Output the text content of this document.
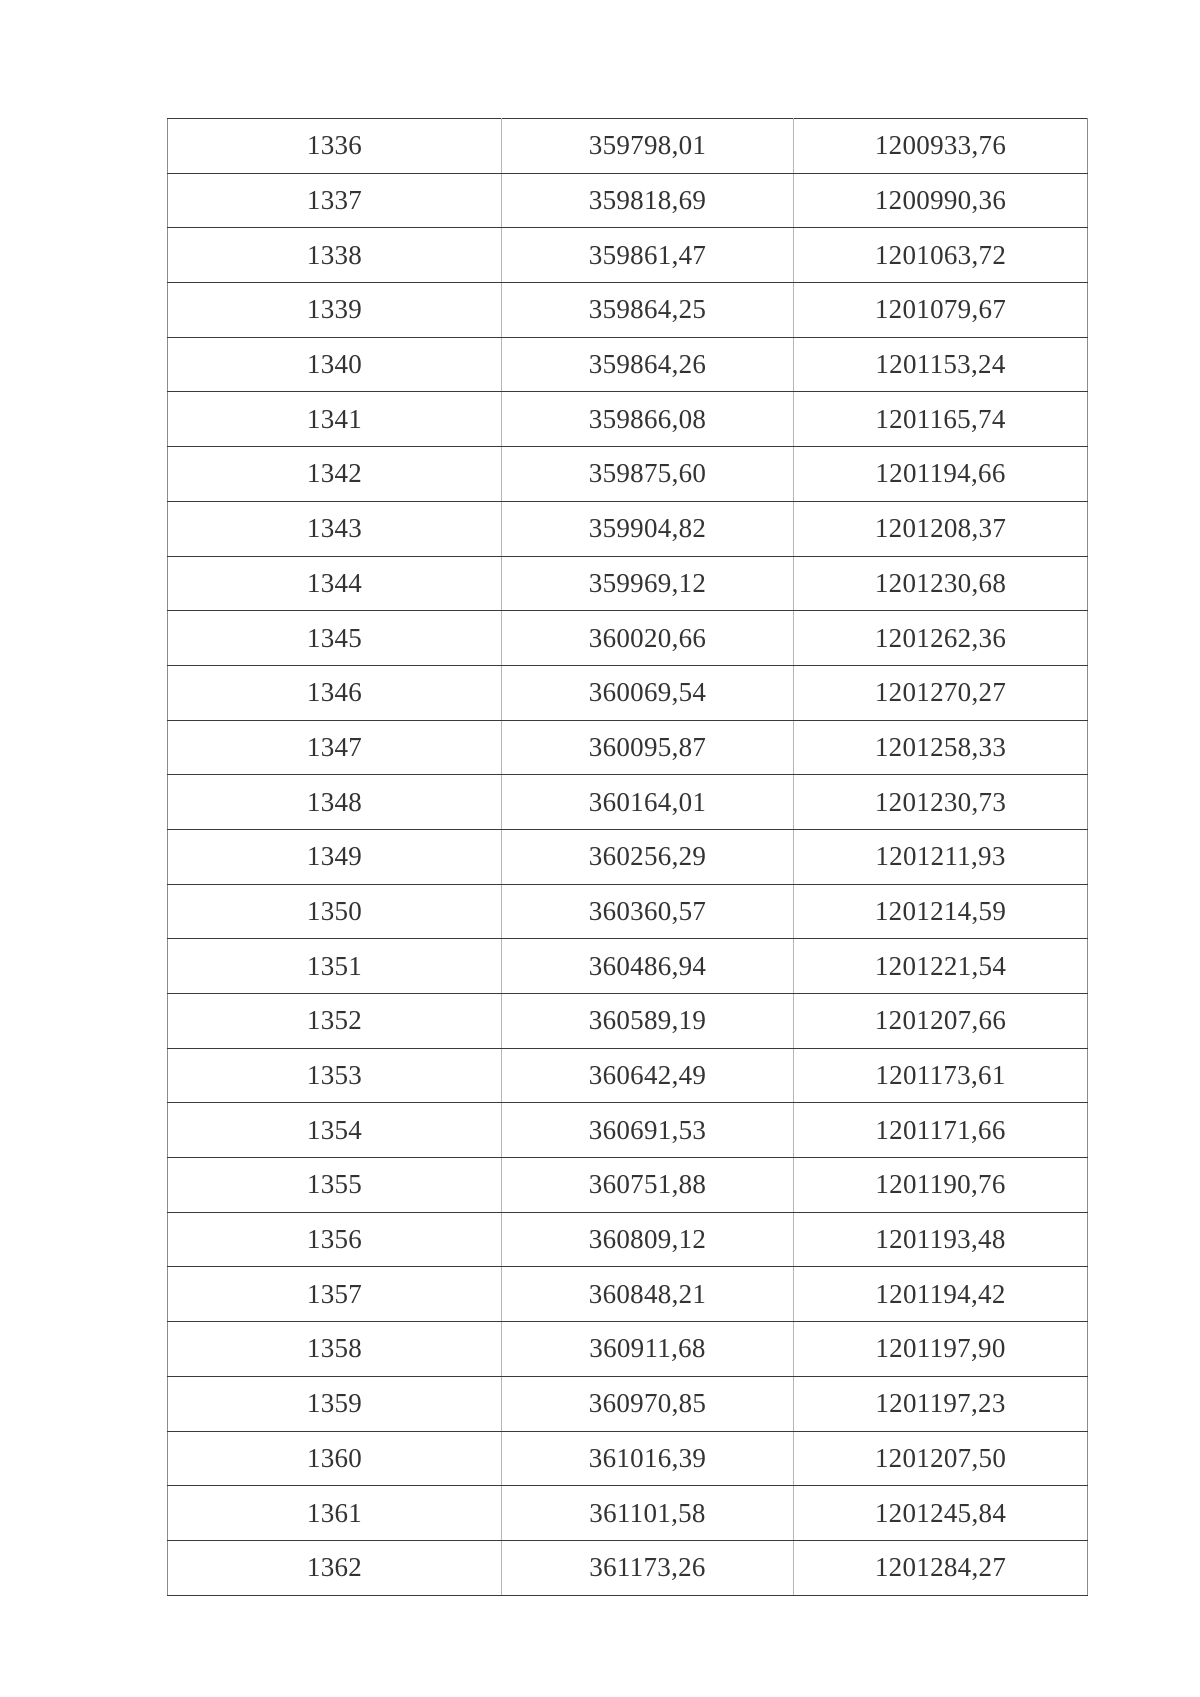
1336	359798,01	1200933,76
1337	359818,69	1200990,36
1338	359861,47	1201063,72
1339	359864,25	1201079,67
1340	359864,26	1201153,24
1341	359866,08	1201165,74
1342	359875,60	1201194,66
1343	359904,82	1201208,37
1344	359969,12	1201230,68
1345	360020,66	1201262,36
1346	360069,54	1201270,27
1347	360095,87	1201258,33
1348	360164,01	1201230,73
1349	360256,29	1201211,93
1350	360360,57	1201214,59
1351	360486,94	1201221,54
1352	360589,19	1201207,66
1353	360642,49	1201173,61
1354	360691,53	1201171,66
1355	360751,88	1201190,76
1356	360809,12	1201193,48
1357	360848,21	1201194,42
1358	360911,68	1201197,90
1359	360970,85	1201197,23
1360	361016,39	1201207,50
1361	361101,58	1201245,84
1362	361173,26	1201284,27
